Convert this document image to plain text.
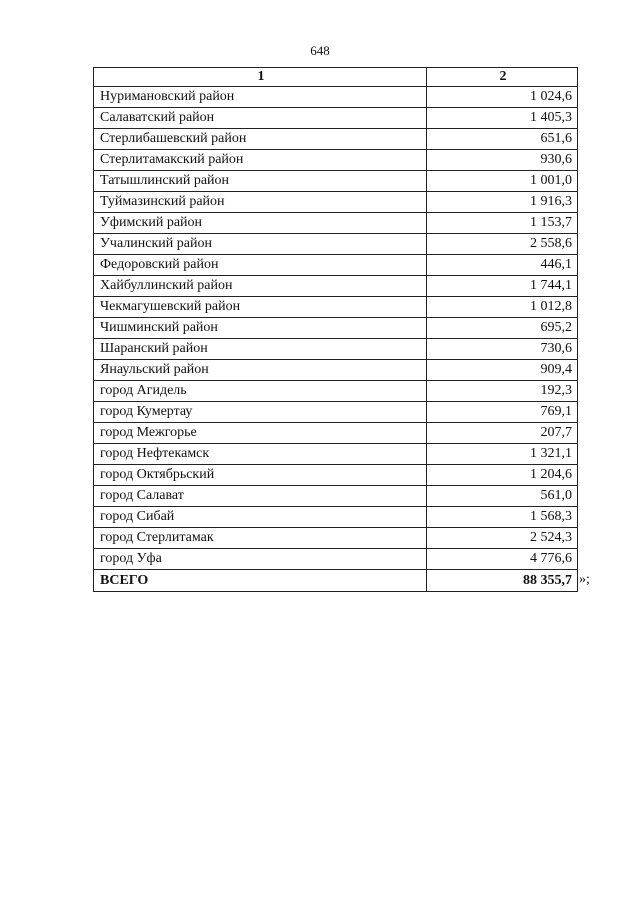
648
1	2
Нуримановский район	1 024,6
Салаватский район	1 405,3
Стерлибашевский район	651,6
Стерлитамакский район	930,6
Татышлинский район	1 001,0
Туймазинский район	1 916,3
Уфимский район	1 153,7
Учалинский район	2 558,6
Федоровский район	446,1
Хайбуллинский район	1 744,1
Чекмагушевский район	1 012,8
Чишминский район	695,2
Шаранский район	730,6
Янаульский район	909,4
город Агидель	192,3
город Кумертау	769,1
город Межгорье	207,7
город Нефтекамск	1 321,1
город Октябрьский	1 204,6
город Салават	561,0
город Сибай	1 568,3
город Стерлитамак	2 524,3
город Уфа	4 776,6
ВСЕГО	88 355,7 »;
